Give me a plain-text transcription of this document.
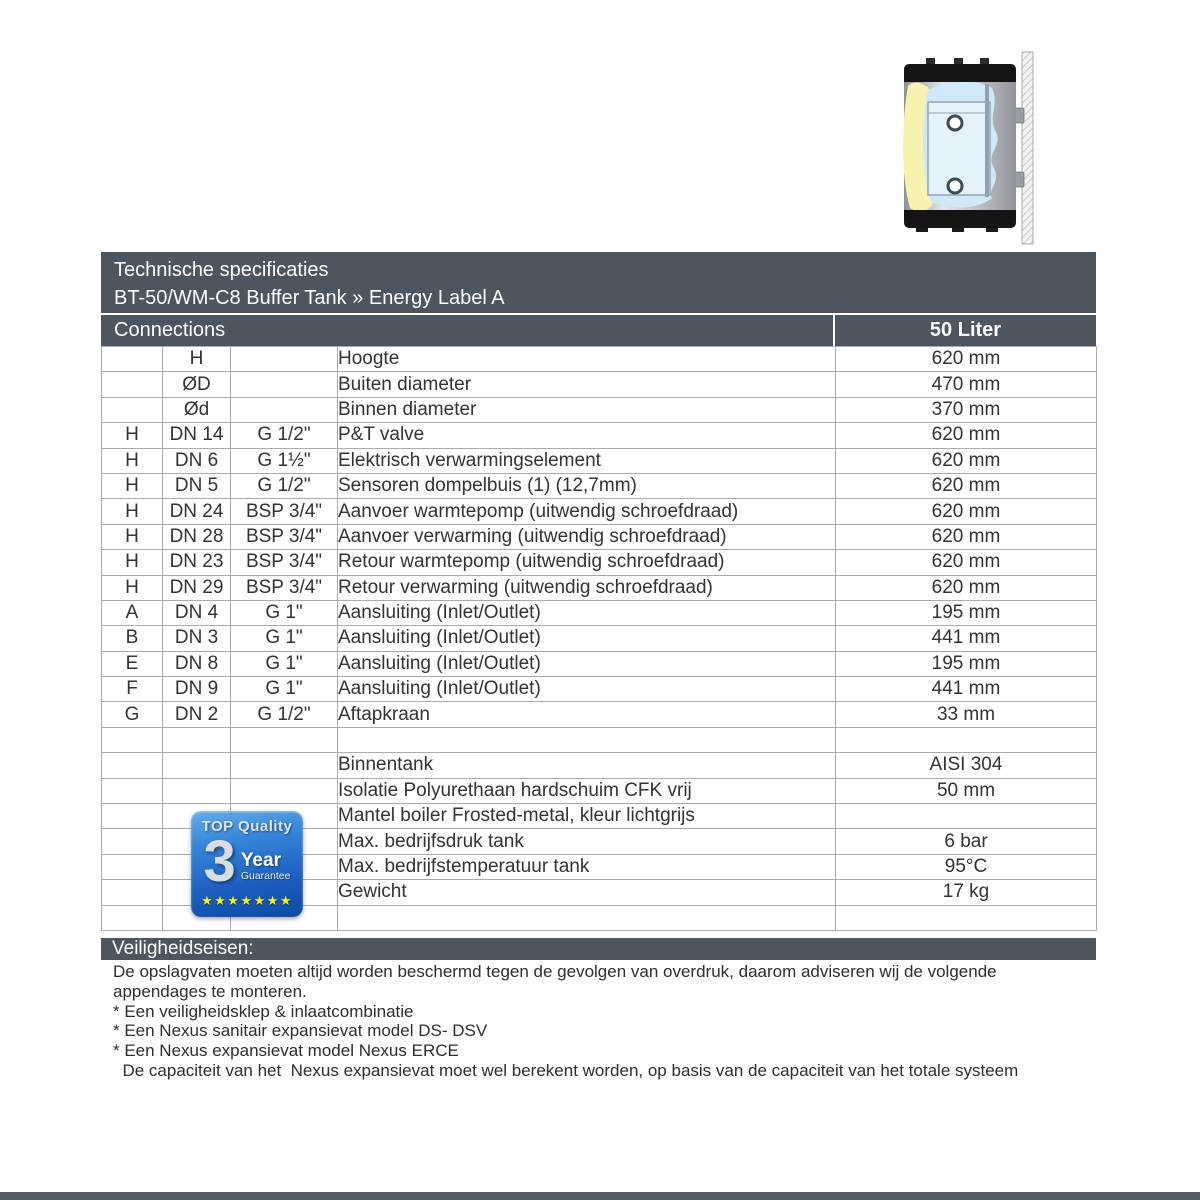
Technische specificaties
BT-50/WM-C8 Buffer Tank » Energy Label A
Connections	50 Liter
	H		Hoogte	620 mm
	ØD		Buiten diameter	470 mm
	Ød		Binnen diameter	370 mm
H	DN 14	G 1/2"	P&T valve	620 mm
H	DN 6	G 1½"	Elektrisch verwarmingselement	620 mm
H	DN 5	G 1/2"	Sensoren dompelbuis (1) (12,7mm)	620 mm
H	DN 24	BSP 3/4"	Aanvoer warmtepomp (uitwendig schroefdraad)	620 mm
H	DN 28	BSP 3/4"	Aanvoer verwarming (uitwendig schroefdraad)	620 mm
H	DN 23	BSP 3/4"	Retour warmtepomp (uitwendig schroefdraad)	620 mm
H	DN 29	BSP 3/4"	Retour verwarming (uitwendig schroefdraad)	620 mm
A	DN 4	G 1"	Aansluiting (Inlet/Outlet)	195 mm
B	DN 3	G 1"	Aansluiting (Inlet/Outlet)	441 mm
E	DN 8	G 1"	Aansluiting (Inlet/Outlet)	195 mm
F	DN 9	G 1"	Aansluiting (Inlet/Outlet)	441 mm
G	DN 2	G 1/2"	Aftapkraan	33 mm

			Binnentank	AISI 304
			Isolatie Polyurethaan hardschuim CFK vrij	50 mm
			Mantel boiler Frosted-metal, kleur lichtgrijs	
			Max. bedrijfsdruk tank	6 bar
			Max. bedrijfstemperatuur tank	95°C
			Gewicht	17 kg

TOP Quality
3 Year
Guarantee
★★★★★★★
Veiligheidseisen:
De opslagvaten moeten altijd worden beschermd tegen de gevolgen van overdruk, daarom adviseren wij de volgende
appendages te monteren.
* Een veiligheidsklep & inlaatcombinatie
* Een Nexus sanitair expansievat model DS- DSV
* Een Nexus expansievat model Nexus ERCE
De capaciteit van het  Nexus expansievat moet wel berekent worden, op basis van de capaciteit van het totale systeem
